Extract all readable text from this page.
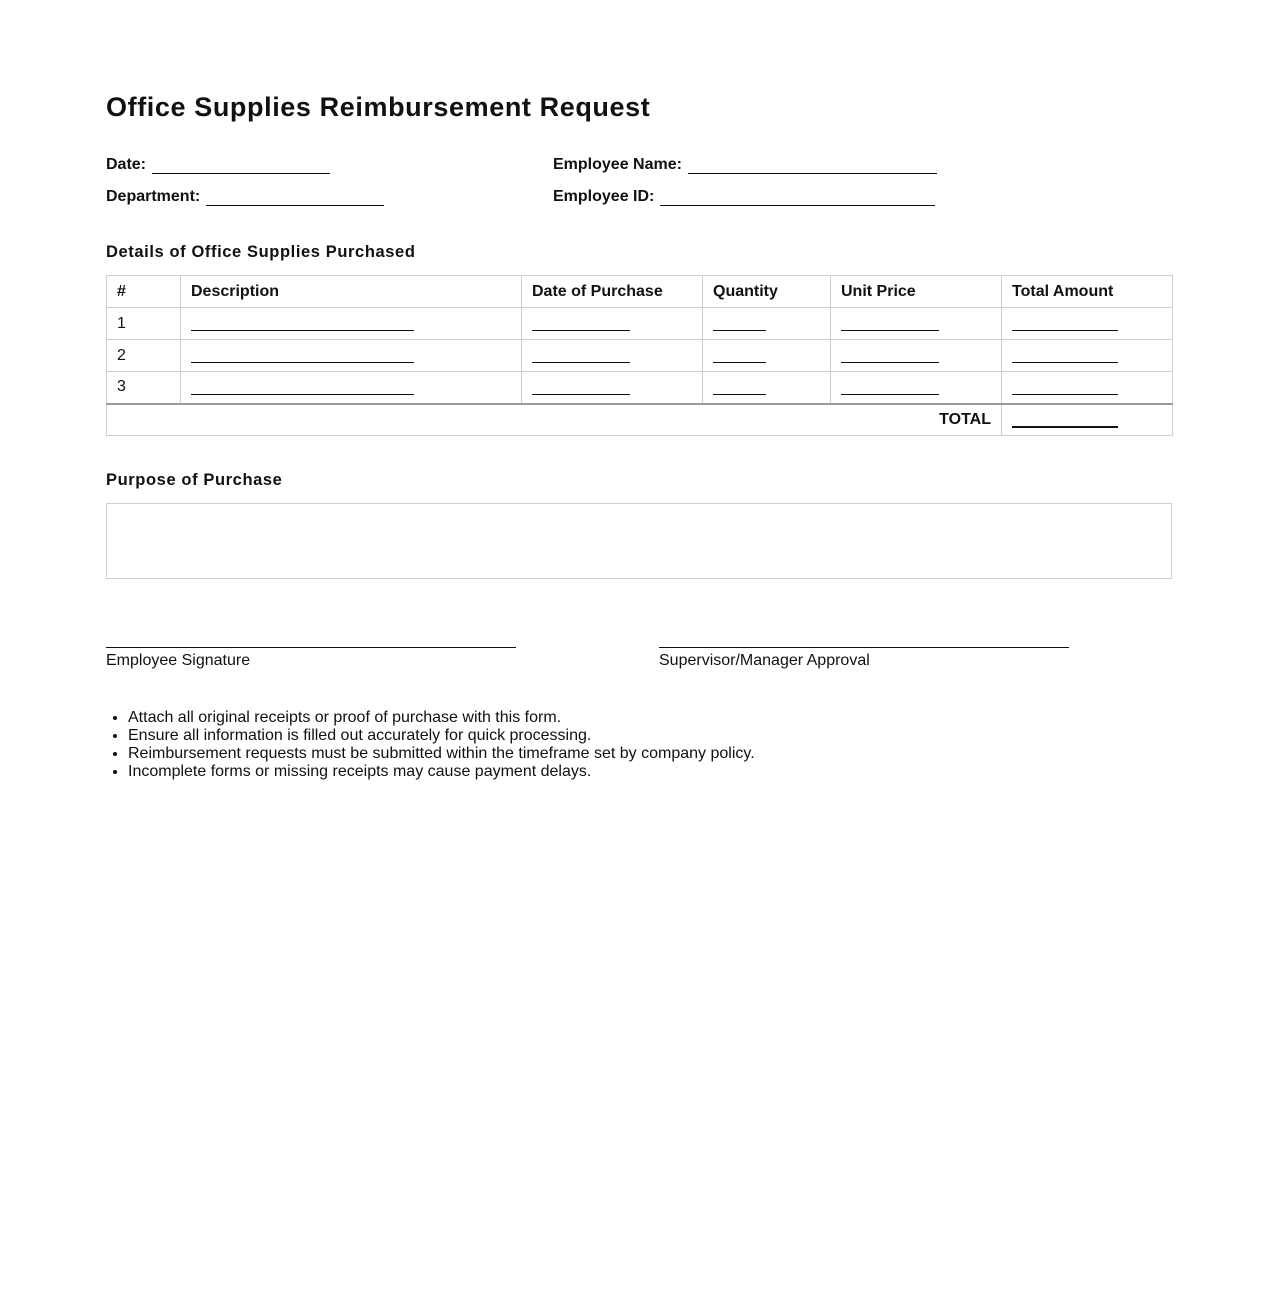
Office Supplies Reimbursement Request
Date:	Employee Name:
Department:	Employee ID:
Details of Office Supplies Purchased
#	Description	Date of Purchase	Quantity	Unit Price	Total Amount
1					
2					
3					
TOTAL					
Purpose of Purchase
Employee Signature	Supervisor/Manager Approval
• Attach all original receipts or proof of purchase with this form.
• Ensure all information is filled out accurately for quick processing.
• Reimbursement requests must be submitted within the timeframe set by company policy.
• Incomplete forms or missing receipts may cause payment delays.
